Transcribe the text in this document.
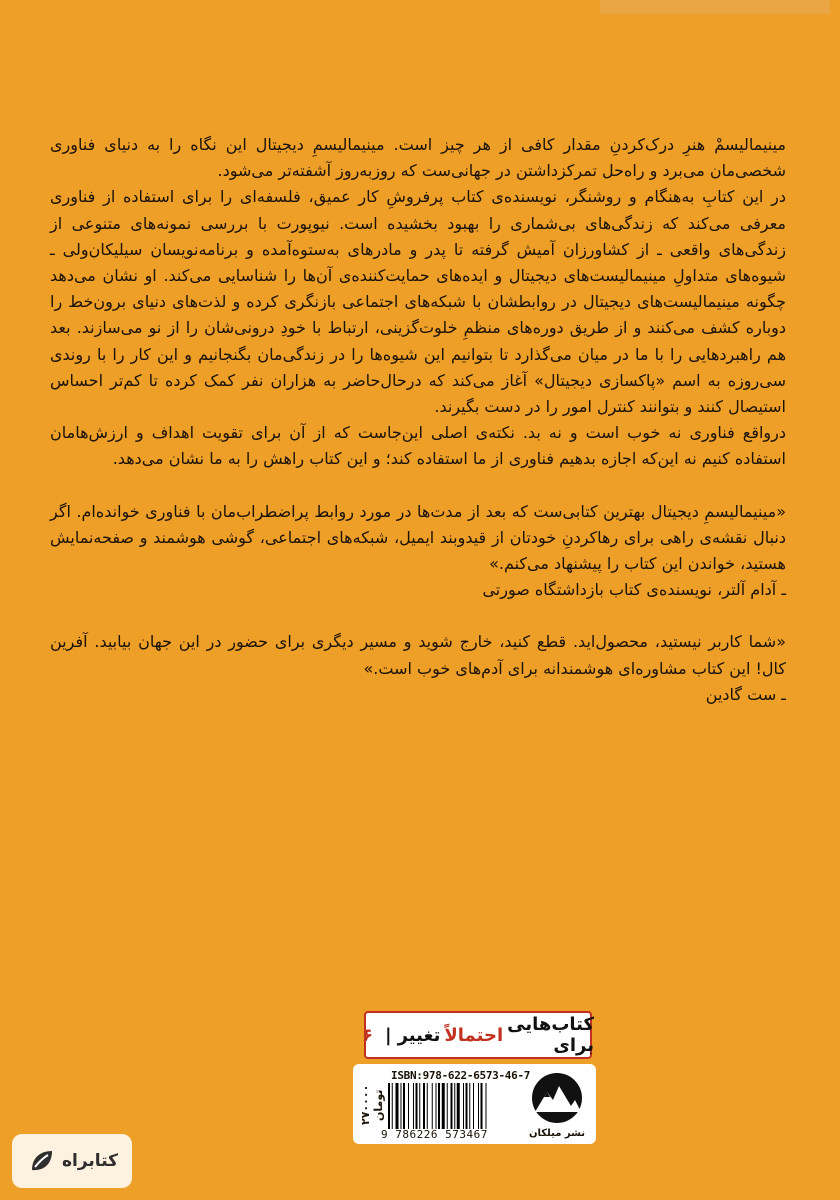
مینیمالیسمْ هنرِ درک‌کردنِ مقدار کافی از هر چیز است. مینیمالیسمِ دیجیتال این نگاه را به دنیای فناوری شخصی‌مان می‌برد و راه‌حل تمرکزداشتن در جهانی‌ست که روزبه‌روز آشفته‌تر می‌شود.

در این کتابِ به‌هنگام و روشنگر، نویسنده‌ی کتاب پرفروشِ کار عمیق، فلسفه‌ای را برای استفاده از فناوری معرفی می‌کند که زندگی‌های بی‌شماری را بهبود بخشیده است. نیوپورت با بررسی نمونه‌های متنوعی از زندگی‌های واقعی ـ از کشاورزان آمیش گرفته تا پدر و مادرهای به‌ستوه‌آمده و برنامه‌نویسان سیلیکان‌ولی ـ شیوه‌های متداولِ مینیمالیست‌های دیجیتال و ایده‌های حمایت‌کننده‌ی آن‌ها را شناسایی می‌کند. او نشان می‌دهد چگونه مینیمالیست‌های دیجیتال در روابطشان با شبکه‌های اجتماعی بازنگری کرده و لذت‌های دنیای برون‌خط را دوباره کشف می‌کنند و از طریق دوره‌های منظمِ خلوت‌گزینی، ارتباط با خودِ درونی‌شان را از نو می‌سازند. بعد هم راهبردهایی را با ما در میان می‌گذارد تا بتوانیم این شیوه‌ها را در زندگی‌مان بگنجانیم و این کار را با روندی سی‌روزه به اسم «پاکسازی دیجیتال» آغاز می‌کند که درحال‌حاضر به هزاران نفر کمک کرده تا کم‌تر احساس استیصال کنند و بتوانند کنترل امور را در دست بگیرند.

درواقع فناوری نه خوب است و نه بد. نکته‌ی اصلی این‌جاست که از آن برای تقویت اهداف و ارزش‌هامان استفاده کنیم نه این‌که اجازه بدهیم فناوری از ما استفاده کند؛ و این کتاب راهش را به ما نشان می‌دهد.

«مینیمالیسمِ دیجیتال بهترین کتابی‌ست که بعد از مدت‌ها در مورد روابط پراضطراب‌مان با فناوری خوانده‌ام. اگر دنبال نقشه‌ی راهی برای رهاکردنِ خودتان از قیدوبند ایمیل، شبکه‌های اجتماعی، گوشی هوشمند و صفحه‌نمایش هستید، خواندن این کتاب را پیشنهاد می‌کنم.»

ـ آدام آلتر، نویسنده‌ی کتاب بازداشتگاه صورتی

«شما کاربر نیستید، محصول‌اید. قطع کنید، خارج شوید و مسیر دیگری برای حضور در این جهان بیابید. آفرین کال! این کتاب مشاوره‌ای هوشمندانه برای آدم‌های خوب است.»

ـ ست گادین

کتاب‌هایی برای
احتمالاً
تغییر
|
۶
۲۷۰۰۰۰ تومان
ISBN:978-622-6573-46-7
9 786226 573467	نشر میلکان
کتابراه
